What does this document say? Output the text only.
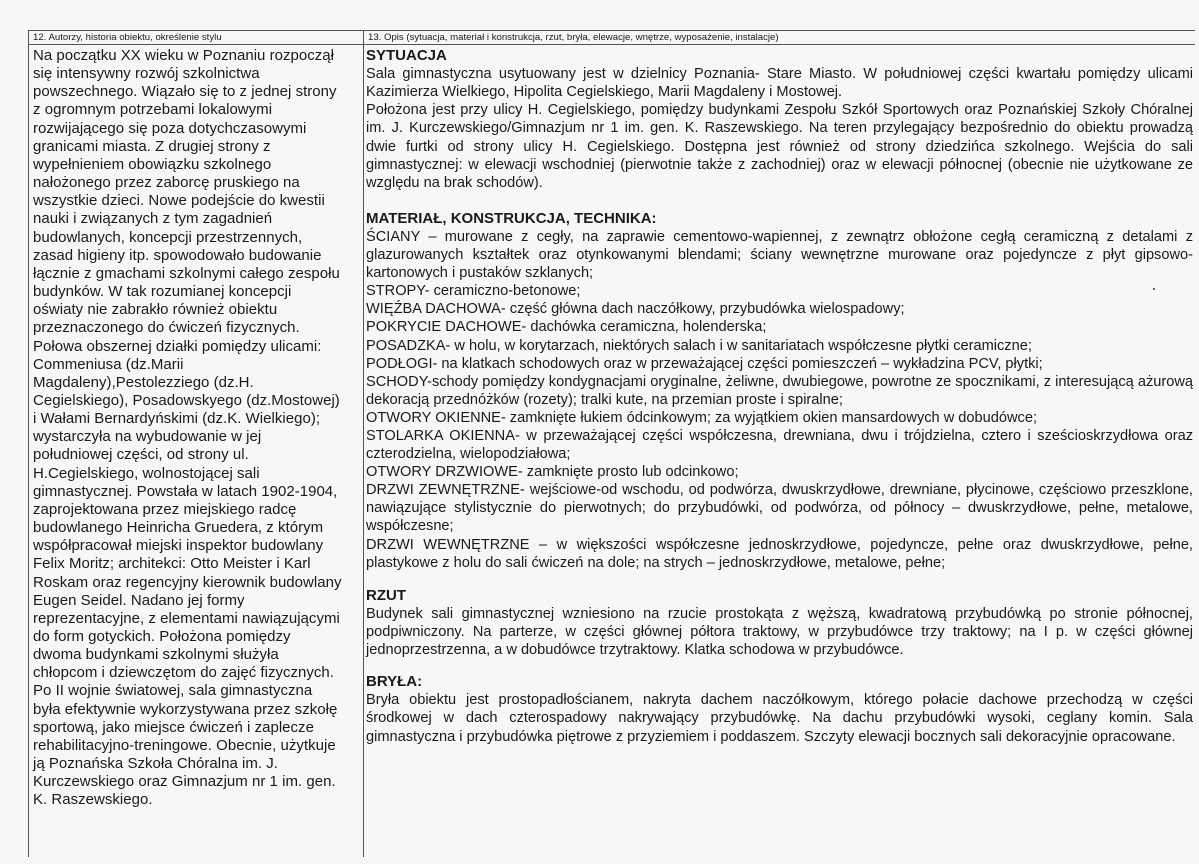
12. Autorzy, historia obiektu, określenie stylu
Na początku XX wieku w Poznaniu rozpoczął
się intensywny rozwój szkolnictwa
powszechnego. Wiązało się to z jednej strony
z ogromnym potrzebami lokalowymi
rozwijającego się poza dotychczasowymi
granicami miasta. Z drugiej strony z
wypełnieniem obowiązku szkolnego
nałożonego przez zaborcę pruskiego na
wszystkie dzieci. Nowe podejście do kwestii
nauki i związanych z tym zagadnień
budowlanych, koncepcji przestrzennych,
zasad higieny itp. spowodowało budowanie
łącznie z gmachami szkolnymi całego zespołu
budynków. W tak rozumianej koncepcji
oświaty nie zabrakło również obiektu
przeznaczonego do ćwiczeń fizycznych.
Połowa obszernej działki pomiędzy ulicami:
Commeniusa (dz.Marii
Magdaleny),Pestolezziego (dz.H.
Cegielskiego), Posadowskyego (dz.Mostowej)
i Wałami Bernardyńskimi (dz.K. Wielkiego);
wystarczyła na wybudowanie w jej
południowej części, od strony ul.
H.Cegielskiego, wolnostojącej sali
gimnastycznej. Powstała w latach 1902-1904,
zaprojektowana przez miejskiego radcę
budowlanego Heinricha Gruedera, z którym
współpracował miejski inspektor budowlany
Felix Moritz; architekci: Otto Meister i Karl
Roskam oraz regencyjny kierownik budowlany
Eugen Seidel. Nadano jej formy
reprezentacyjne, z elementami nawiązującymi
do form gotyckich. Położona pomiędzy
dwoma budynkami szkolnymi służyła
chłopcom i dziewczętom do zajęć fizycznych.
Po II wojnie światowej, sala gimnastyczna
była efektywnie wykorzystywana przez szkołę
sportową, jako miejsce ćwiczeń i zaplecze
rehabilitacyjno-treningowe. Obecnie, użytkuje
ją Poznańska Szkoła Chóralna im. J.
Kurczewskiego oraz Gimnazjum nr 1 im. gen.
K. Raszewskiego.
13. Opis (sytuacja, materiał i konstrukcja, rzut, bryła, elewacje, wnętrze, wyposażenie, instalacje)

SYTUACJA

Sala gimnastyczna usytuowany jest w dzielnicy Poznania- Stare Miasto. W południowej części kwartału pomiędzy ulicami Kazimierza Wielkiego, Hipolita Cegielskiego, Marii Magdaleny i Mostowej.

Położona jest przy ulicy H. Cegielskiego, pomiędzy budynkami Zespołu Szkół Sportowych oraz Poznańskiej Szkoły Chóralnej im. J. Kurczewskiego/Gimnazjum nr 1 im. gen. K. Raszewskiego. Na teren przylegający bezpośrednio do obiektu prowadzą dwie furtki od strony ulicy H. Cegielskiego. Dostępna jest również od strony dziedzińca szkolnego. Wejścia do sali gimnastycznej: w elewacji wschodniej (pierwotnie także z zachodniej) oraz w elewacji północnej (obecnie nie użytkowane ze względu na brak schodów).

MATERIAŁ, KONSTRUKCJA, TECHNIKA:

ŚCIANY – murowane z cegły, na zaprawie cementowo-wapiennej, z zewnątrz obłożone cegłą ceramiczną z detalami z glazurowanych kształtek oraz otynkowanymi blendami; ściany wewnętrzne murowane oraz pojedyncze z płyt gipsowo-kartonowych i pustaków szklanych;

STROPY- ceramiczno-betonowe;

WIĘŹBA DACHOWA- część główna dach naczółkowy, przybudówka wielospadowy;

POKRYCIE DACHOWE- dachówka ceramiczna, holenderska;

POSADZKA- w holu, w korytarzach, niektórych salach i w sanitariatach współczesne płytki ceramiczne;

PODŁOGI- na klatkach schodowych oraz w przeważającej części pomieszczeń – wykładzina PCV, płytki;

SCHODY-schody pomiędzy kondygnacjami oryginalne, żeliwne, dwubiegowe, powrotne ze spocznikami, z interesującą ażurową dekoracją przednóżków (rozety); tralki kute, na przemian proste i spiralne;

OTWORY OKIENNE- zamknięte łukiem ódcinkowym; za wyjątkiem okien mansardowych w dobudówce;

STOLARKA OKIENNA- w przeważającej części współczesna, drewniana, dwu i trójdzielna, cztero i sześcioskrzydłowa oraz czterodzielna, wielopodziałowa;

OTWORY DRZWIOWE- zamknięte prosto lub odcinkowo;

DRZWI ZEWNĘTRZNE- wejściowe-od wschodu, od podwórza, dwuskrzydłowe, drewniane, płycinowe, częściowo przeszklone, nawiązujące stylistycznie do pierwotnych; do przybudówki, od podwórza, od północy – dwuskrzydłowe, pełne, metalowe, współczesne;

DRZWI WEWNĘTRZNE – w większości współczesne jednoskrzydłowe, pojedyncze, pełne oraz dwuskrzydłowe, pełne, plastykowe z holu do sali ćwiczeń na dole; na strych – jednoskrzydłowe, metalowe, pełne;

RZUT

Budynek sali gimnastycznej wzniesiono na rzucie prostokąta z węższą, kwadratową przybudówką po stronie północnej, podpiwniczony. Na parterze, w części głównej półtora traktowy, w przybudówce trzy traktowy; na I p. w części głównej jednoprzestrzenna, a w dobudówce trzytraktowy. Klatka schodowa w przybudówce.

BRYŁA:

Bryła obiektu jest prostopadłościanem, nakryta dachem naczółkowym, którego połacie dachowe przechodzą w części środkowej w dach czterospadowy nakrywający przybudówkę. Na dachu przybudówki wysoki, ceglany komin. Sala gimnastyczna i przybudówka piętrowe z przyziemiem i poddaszem. Szczyty elewacji bocznych sali dekoracyjnie opracowane.
